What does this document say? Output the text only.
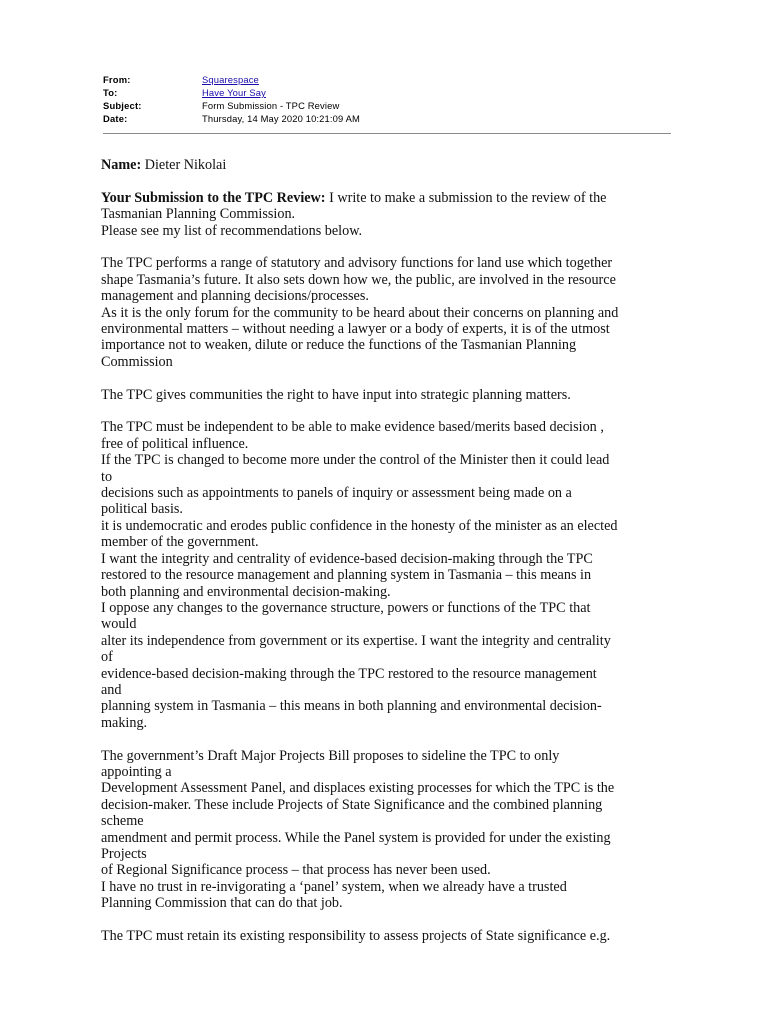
From:	Squarespace
To:	Have Your Say
Subject:	Form Submission - TPC Review
Date:	Thursday, 14 May 2020 10:21:09 AM

Name: Dieter Nikolai

Your Submission to the TPC Review: I write to make a submission to the review of the

Tasmanian Planning Commission.

Please see my list of recommendations below.

The TPC performs a range of statutory and advisory functions for land use which together

shape Tasmania’s future. It also sets down how we, the public, are involved in the resource

management and planning decisions/processes.

As it is the only forum for the community to be heard about their concerns on planning and

environmental matters – without needing a lawyer or a body of experts, it is of the utmost

importance not to weaken, dilute or reduce the functions of the Tasmanian Planning

Commission

The TPC gives communities the right to have input into strategic planning matters.

The TPC must be independent to be able to make evidence based/merits based decision ,

free of political influence.

If the TPC is changed to become more under the control of the Minister then it could lead

to

decisions such as appointments to panels of inquiry or assessment being made on a

political basis.

it is undemocratic and erodes public confidence in the honesty of the minister as an elected

member of the government.

I want the integrity and centrality of evidence-based decision-making through the TPC

restored to the resource management and planning system in Tasmania – this means in

both planning and environmental decision-making.

I oppose any changes to the governance structure, powers or functions of the TPC that

would

alter its independence from government or its expertise. I want the integrity and centrality

of

evidence-based decision-making through the TPC restored to the resource management

and

planning system in Tasmania – this means in both planning and environmental decision-

making.

The government’s Draft Major Projects Bill proposes to sideline the TPC to only

appointing a

Development Assessment Panel, and displaces existing processes for which the TPC is the

decision-maker. These include Projects of State Significance and the combined planning

scheme

amendment and permit process. While the Panel system is provided for under the existing

Projects

of Regional Significance process – that process has never been used.

I have no trust in re-invigorating a ‘panel’ system, when we already have a trusted

Planning Commission that can do that job.

The TPC must retain its existing responsibility to assess projects of State significance e.g.
